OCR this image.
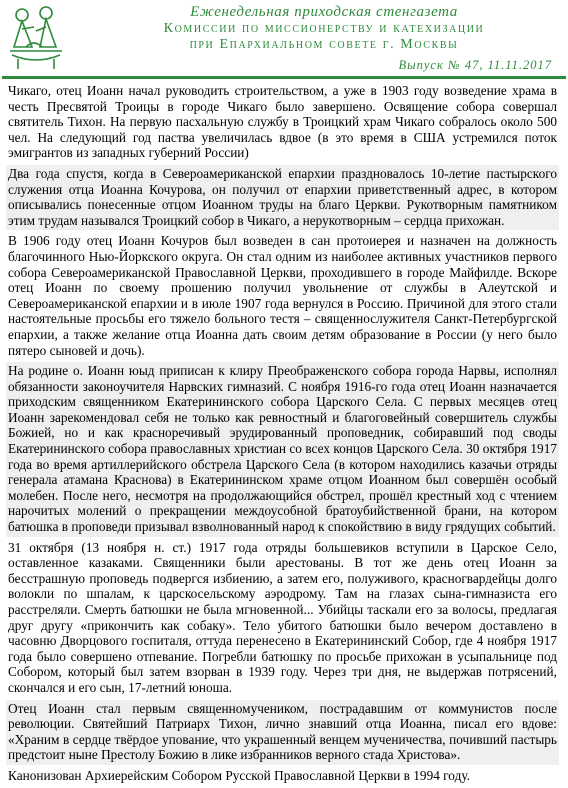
Еженедельная приходская стенгазета
Комиссии по миссионерству и катехизации
при Епархиальном совете г. Москвы
Выпуск № 47, 11.11.2017
Чикаго, отец Иоанн начал руководить строительством, а уже в 1903 году возведение храма в честь Пресвятой Троицы в городе Чикаго было завершено. Освящение собора совершал святитель Тихон. На первую пасхальную службу в Троицкий храм Чикаго собралось около 500 чел. На следующий год паства увеличилась вдвое (в это время в США устремился поток эмигрантов из западных губерний России)
Два года спустя, когда в Североамериканской епархии праздновалось 10-летие пастырского служения отца Иоанна Кочурова, он получил от епархии приветственный адрес, в котором описывались понесенные отцом Иоанном труды на благо Церкви. Рукотворным памятником этим трудам назывался Троицкий собор в Чикаго, а нерукотворным – сердца прихожан.
В 1906 году отец Иоанн Кочуров был возведен в сан протоиерея и назначен на должность благочинного Нью-Йоркского округа. Он стал одним из наиболее активных участников первого собора Североамериканской Православной Церкви, проходившего в городе Майфилде. Вскоре отец Иоанн по своему прошению получил увольнение от службы в Алеутской и Североамериканской епархии и в июле 1907 года вернулся в Россию. Причиной для этого стали настоятельные просьбы его тяжело больного тестя – священнослужителя Санкт-Петербургской епархии, а также желание отца Иоанна дать своим детям образование в России (у него было пятеро сыновей и дочь).
На родине о. Иоанн юыд приписан к клиру Преображенского собора города Нарвы, исполнял обязанности законоучителя Нарвских гимназий. С ноября 1916-го года отец Иоанн назначается приходским священником Екатерининского собора Царского Села. С первых месяцев отец Иоанн зарекомендовал себя не только как ревностный и благоговейный совершитель службы Божией, но и как красноречивый эрудированный проповедник, собиравший под своды Екатерининского собора православных христиан со всех концов Царского Села. 30 октября 1917 года во время артиллерийского обстрела Царского Села (в котором находились казачьи отряды генерала атамана Краснова) в Екатерининском храме отцом Иоанном был совершён особый молебен. После него, несмотря на продолжающийся обстрел, прошёл крестный ход с чтением нарочитых молений о прекращении междоусобной братоубийственной брани, на котором батюшка в проповеди призывал взволнованный народ к спокойствию в виду грядущих событий.
31 октября (13 ноября н. ст.) 1917 года отряды большевиков вступили в Царское Село, оставленное казаками. Священники были арестованы. В тот же день отец Иоанн за бесстрашную проповедь подвергся избиению, а затем его, полуживого, красногвардейцы долго волокли по шпалам, к царскосельскому аэродрому. Там на глазах сына-гимназиста его расстреляли. Смерть батюшки не была мгновенной... Убийцы таскали его за волосы, предлагая друг другу «прикончить как собаку». Тело убитого батюшки было вечером доставлено в часовню Дворцового госпиталя, оттуда перенесено в Екатерининский Собор, где 4 ноября 1917 года было совершено отпевание. Погребли батюшку по просьбе прихожан в усыпальнице под Собором, который был затем взорван в 1939 году. Через три дня, не выдержав потрясений, скончался и его сын, 17-летний юноша.
Отец Иоанн стал первым священномучеником, пострадавшим от коммунистов после революции. Святейший Патриарх Тихон, лично знавший отца Иоанна, писал его вдове: «Храним в сердце твёрдое упование, что украшенный венцем мученичества, почивший пастырь предстоит ныне Престолу Божию в лике избранников верного стада Христова».
Канонизован Архиерейским Собором Русской Православной Церкви в 1994 году.
